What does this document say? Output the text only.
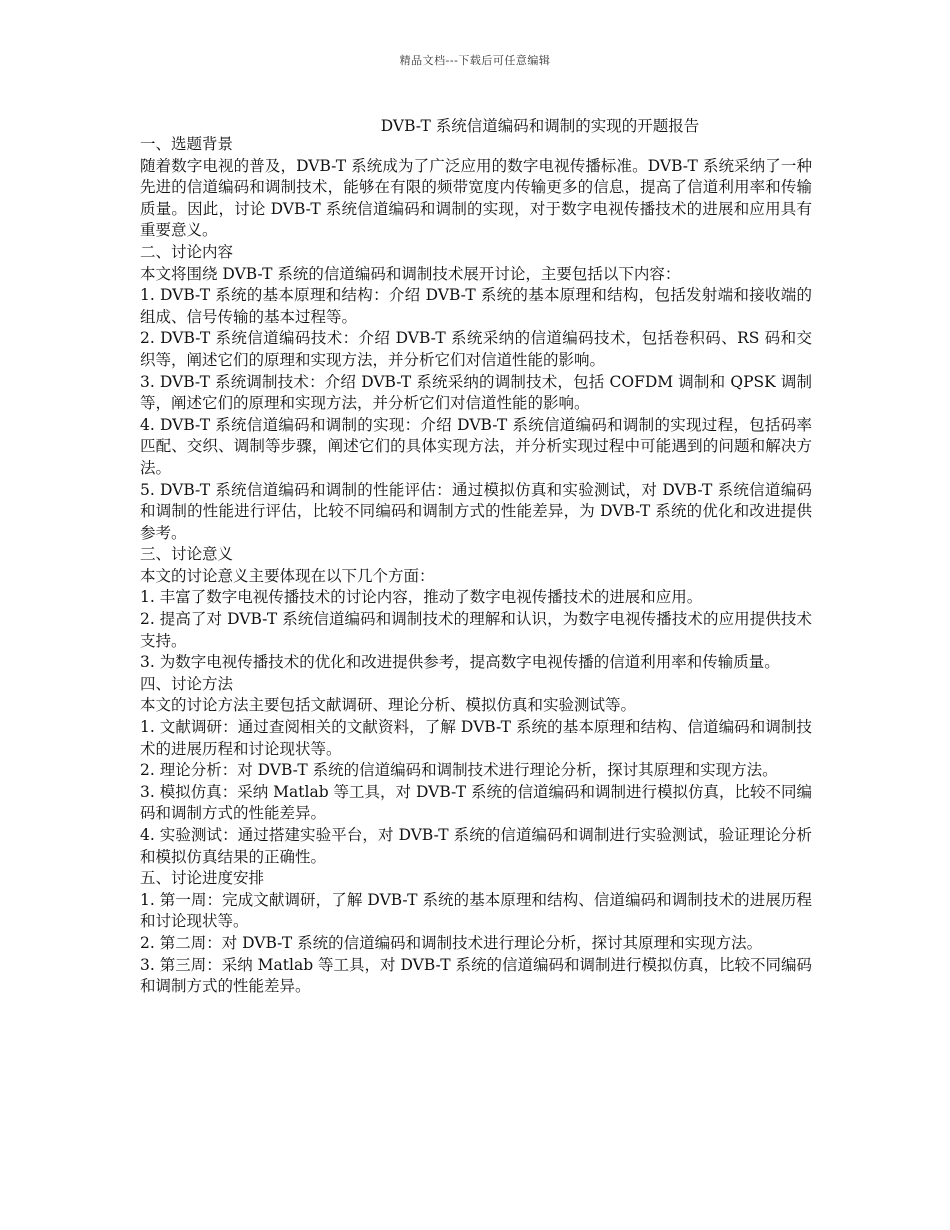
精品文档---下载后可任意编辑
DVB-T 系统信道编码和调制的实现的开题报告

一、选题背景

随着数字电视的普及，DVB-T 系统成为了广泛应用的数字电视传播标准。DVB-T 系统采纳了一种先进的信道编码和调制技术，能够在有限的频带宽度内传输更多的信息，提高了信道利用率和传输质量。因此，讨论 DVB-T 系统信道编码和调制的实现，对于数字电视传播技术的进展和应用具有重要意义。

二、讨论内容

本文将围绕 DVB-T 系统的信道编码和调制技术展开讨论，主要包括以下内容：

1. DVB-T 系统的基本原理和结构：介绍 DVB-T 系统的基本原理和结构，包括发射端和接收端的组成、信号传输的基本过程等。

2. DVB-T 系统信道编码技术：介绍 DVB-T 系统采纳的信道编码技术，包括卷积码、RS 码和交织等，阐述它们的原理和实现方法，并分析它们对信道性能的影响。

3. DVB-T 系统调制技术：介绍 DVB-T 系统采纳的调制技术，包括 COFDM 调制和 QPSK 调制等，阐述它们的原理和实现方法，并分析它们对信道性能的影响。

4. DVB-T 系统信道编码和调制的实现：介绍 DVB-T 系统信道编码和调制的实现过程，包括码率匹配、交织、调制等步骤，阐述它们的具体实现方法，并分析实现过程中可能遇到的问题和解决方法。

5. DVB-T 系统信道编码和调制的性能评估：通过模拟仿真和实验测试，对 DVB-T 系统信道编码和调制的性能进行评估，比较不同编码和调制方式的性能差异，为 DVB-T 系统的优化和改进提供参考。

三、讨论意义

本文的讨论意义主要体现在以下几个方面：

1. 丰富了数字电视传播技术的讨论内容，推动了数字电视传播技术的进展和应用。

2. 提高了对 DVB-T 系统信道编码和调制技术的理解和认识，为数字电视传播技术的应用提供技术支持。

3. 为数字电视传播技术的优化和改进提供参考，提高数字电视传播的信道利用率和传输质量。

四、讨论方法

本文的讨论方法主要包括文献调研、理论分析、模拟仿真和实验测试等。

1. 文献调研：通过查阅相关的文献资料，了解 DVB-T 系统的基本原理和结构、信道编码和调制技术的进展历程和讨论现状等。

2. 理论分析：对 DVB-T 系统的信道编码和调制技术进行理论分析，探讨其原理和实现方法。

3. 模拟仿真：采纳 Matlab 等工具，对 DVB-T 系统的信道编码和调制进行模拟仿真，比较不同编码和调制方式的性能差异。

4. 实验测试：通过搭建实验平台，对 DVB-T 系统的信道编码和调制进行实验测试，验证理论分析和模拟仿真结果的正确性。

五、讨论进度安排

1. 第一周：完成文献调研，了解 DVB-T 系统的基本原理和结构、信道编码和调制技术的进展历程和讨论现状等。

2. 第二周：对 DVB-T 系统的信道编码和调制技术进行理论分析，探讨其原理和实现方法。

3. 第三周：采纳 Matlab 等工具，对 DVB-T 系统的信道编码和调制进行模拟仿真，比较不同编码和调制方式的性能差异。
